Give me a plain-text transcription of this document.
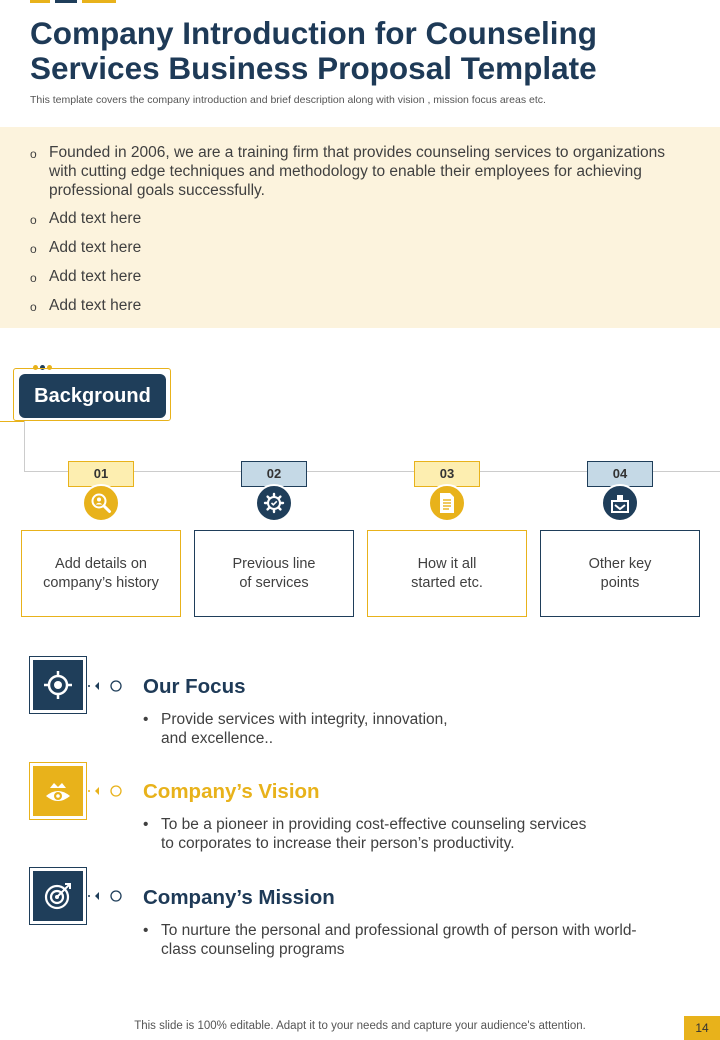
Company Introduction for Counseling Services Business Proposal Template
This template covers the company introduction and brief description along with vision , mission focus areas etc.
o Founded in 2006, we are a training firm that provides counseling services to organizations with cutting edge techniques and methodology to enable their employees for achieving professional goals successfully.
o Add text here
o Add text here
o Add text here
o Add text here
Background
01
Add details on
company’s history
02
Previous line
of services
03
How it all
started etc.
04
Other key
points
Our Focus
• Provide services with integrity, innovation,
and excellence..
Company’s Vision
• To be a pioneer in providing cost-effective counseling services
to corporates to increase their person’s productivity.
Company’s Mission
• To nurture the personal and professional growth of person with world-
class counseling programs
This slide is 100% editable. Adapt it to your needs and capture your audience's attention.	14
